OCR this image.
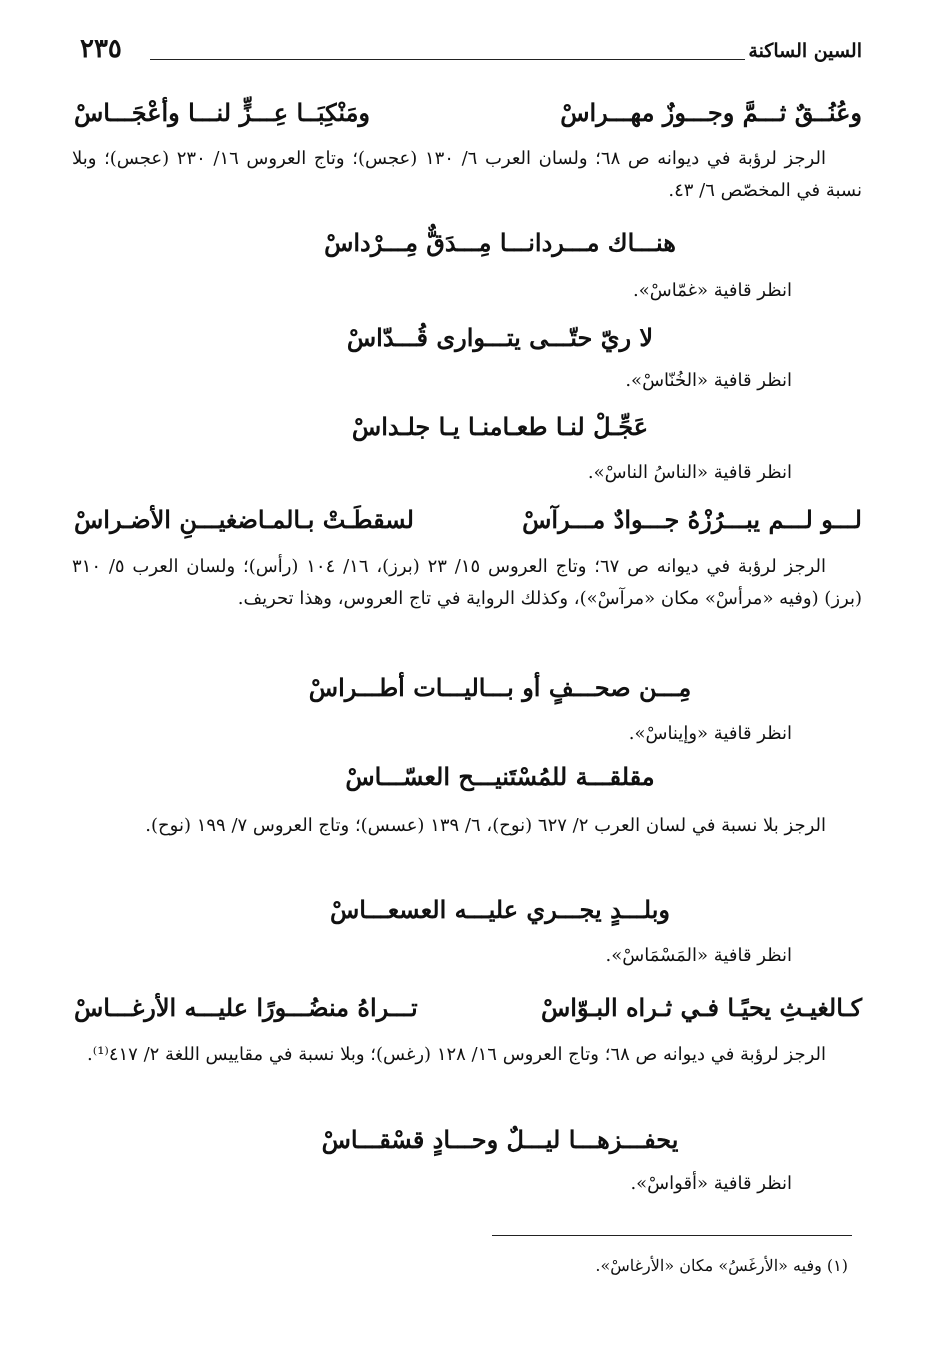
السين الساكنة
٢٣٥
وعُنُــقٌ ثـــمَّ وجـــوزٌ مهـــراسْ
ومَنْكِبَــا عِـــزٍّ لنـــا وأعْجَـــاسْ
الرجز لرؤبة في ديوانه ص ٦٨؛ ولسان العرب ٦/ ١٣٠ (عجس)؛ وتاج العروس ١٦/ ٢٣٠ (عجس)؛ وبلا نسبة في المخصّص ٦/ ٤٣.
هنـــاك مـــردانـــا مِـــدَقٌّ مِـــرْداسْ
انظر قافية «غمّاسْ».
لا ريّ حتّـــى يتـــوارى قُـــدّاسْ
انظر قافية «الخُنّاسْ».
عَجِّـلْ لنـا طعـامنـا يـا جلـداسْ
انظر قافية «الناسُ الناسْ».
لـــو لـــم يبـــرُزْهُ جـــوادٌ مـــرآسْ
لسقطَـتْ بـالمـاضغيـــنِ الأضـراسْ
الرجز لرؤبة في ديوانه ص ٦٧؛ وتاج العروس ١٥/ ٢٣ (برز)، ١٦/ ١٠٤ (رأس)؛ ولسان العرب ٥/ ٣١٠ (برز) (وفيه «مرأسْ» مكان «مرآسْ»)، وكذلك الرواية في تاج العروس، وهذا تحريف.
مِـــن صحـــفٍ أو بـــاليـــات أطـــراسْ
انظر قافية «وإيناسْ».
مقلقـــة للمُسْتَنيـــح العسّـــاسْ
الرجز بلا نسبة في لسان العرب ٢/ ٦٢٧ (نوح)، ٦/ ١٣٩ (عسس)؛ وتاج العروس ٧/ ١٩٩ (نوح).
وبلـــدٍ يجـــري عليـــه العسعـــاسْ
انظر قافية «المَسْمَاسْ».
كـالغيـثِ يحيًـا فـي ثـراه البـوّاسْ
تـــراهُ منضُـــورًا عليـــه الأرغـــاسْ
الرجز لرؤبة في ديوانه ص ٦٨؛ وتاج العروس ١٦/ ١٢٨ (رغس)؛ وبلا نسبة في مقاييس اللغة ٢/ ٤١٧⁽¹⁾.
يحفـــزهـــا ليـــلٌ وحـــادٍ قسْقـــاسْ
انظر قافية «أقواسْ».
(١) وفيه «الأرغَسُ» مكان «الأرغاسْ».
